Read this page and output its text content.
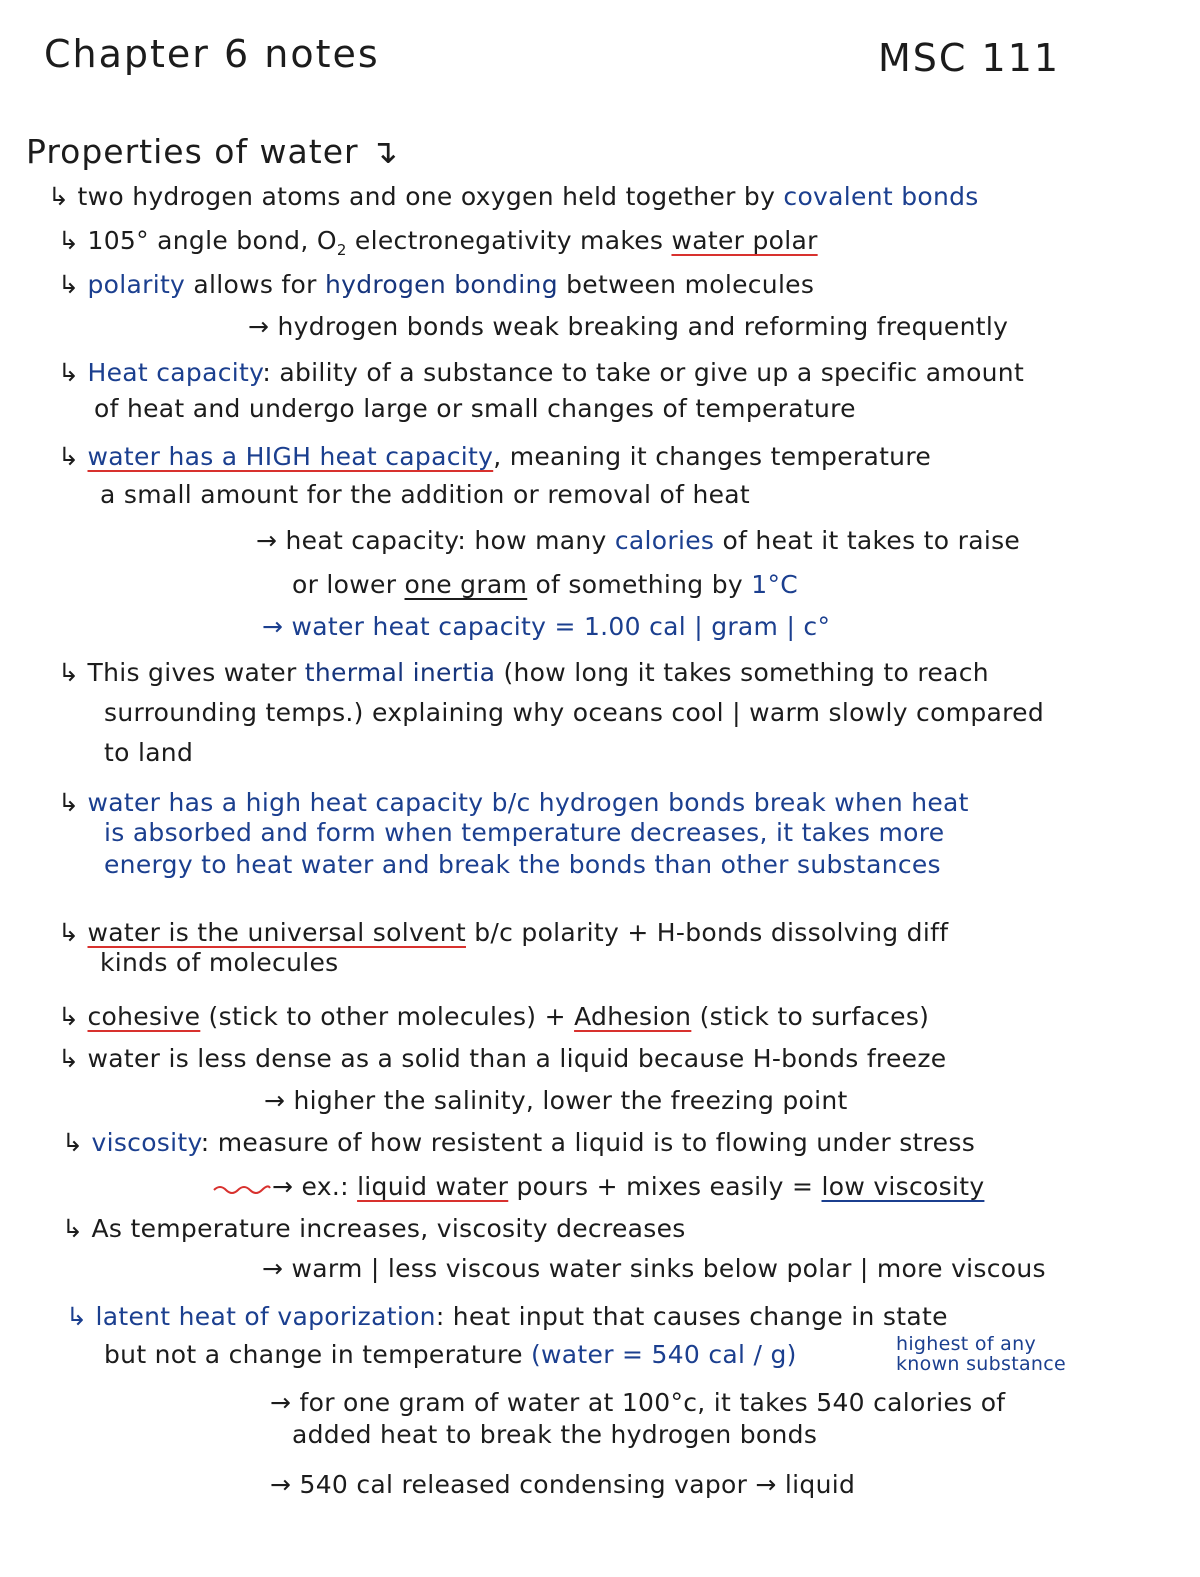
Chapter 6 notes	MSC 111
Properties of water ↴
↳ two hydrogen atoms and one oxygen held together by covalent bonds
↳ 105° angle bond, $O_2$ electronegativity makes water polar
↳ polarity allows for hydrogen bonding between molecules
→ hydrogen bonds weak breaking and reforming frequently
↳ Heat capacity: ability of a substance to take or give up a specific amount
of heat and undergo large or small changes of temperature
↳ water has a HIGH heat capacity, meaning it changes temperature
a small amount for the addition or removal of heat
→ heat capacity: how many calories of heat it takes to raise
or lower one gram of something by 1°C
→ water heat capacity = 1.00 cal | gram | c°
↳ This gives water thermal inertia (how long it takes something to reach
surrounding temps.) explaining why oceans cool | warm slowly compared
to land
↳ water has a high heat capacity b/c hydrogen bonds break when heat
is absorbed and form when temperature decreases, it takes more
energy to heat water and break the bonds than other substances
↳ water is the universal solvent b/c polarity + H-bonds dissolving diff
kinds of molecules
↳ cohesive (stick to other molecules) + Adhesion (stick to surfaces)
↳ water is less dense as a solid than a liquid because H-bonds freeze
→ higher the salinity, lower the freezing point
↳ viscosity: measure of how resistent a liquid is to flowing under stress
→ ex.: liquid water pours + mixes easily = low viscosity
↳ As temperature increases, viscosity decreases
→ warm | less viscous water sinks below polar | more viscous
↳ latent heat of vaporization: heat input that causes change in state
but not a change in temperature (water = 540 cal / g)	highest of any
known substance
→ for one gram of water at 100°c, it takes 540 calories of
added heat to break the hydrogen bonds
→ 540 cal released condensing vapor → liquid
